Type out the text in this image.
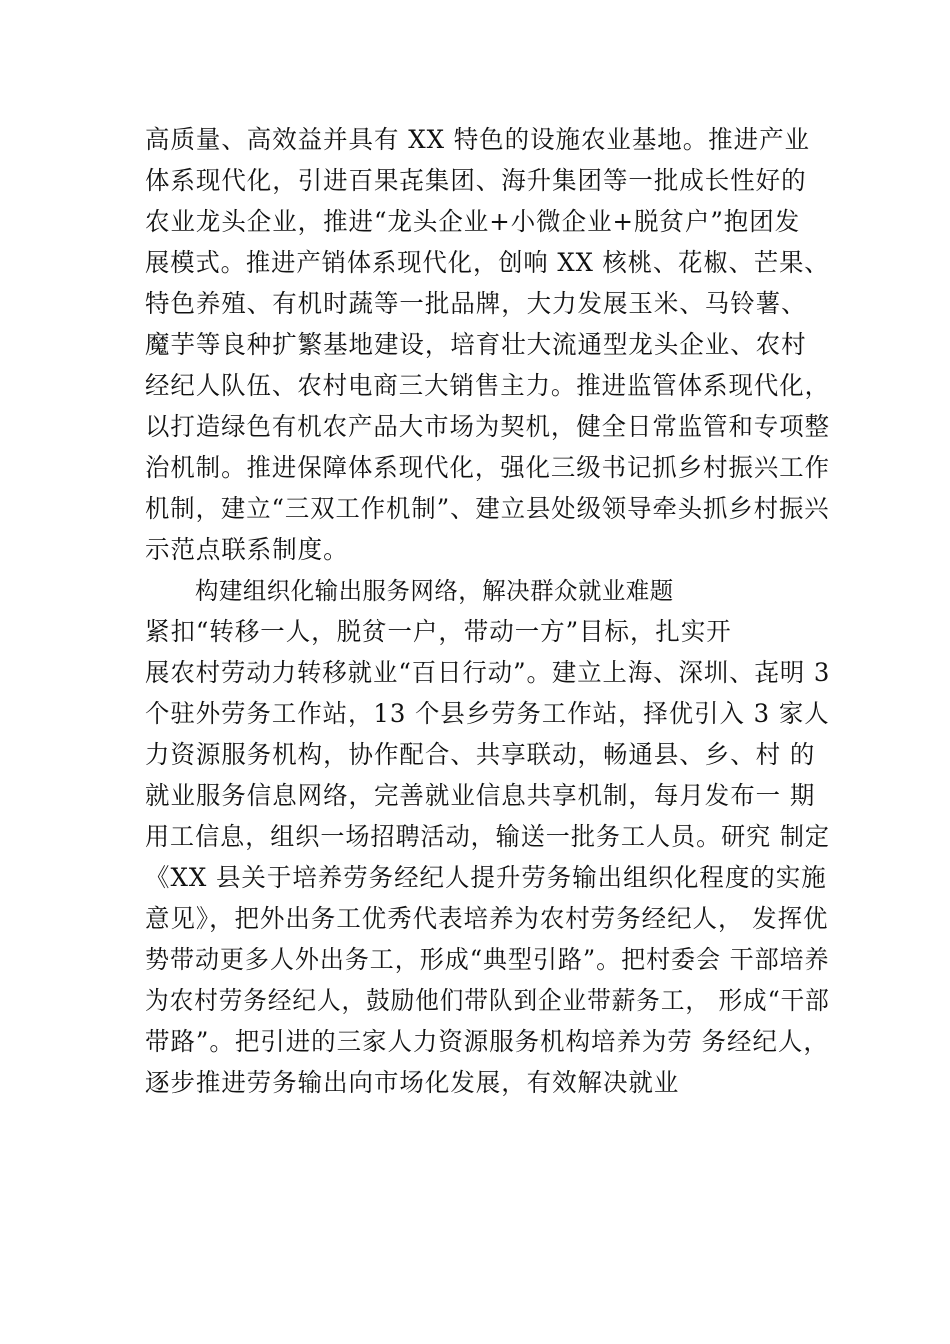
高质量、高效益并具有 XX 特色的设施农业基地。推进产业
体系现代化，引进百果㐂集团、海升集团等一批成长性好的
农业龙头企业，推进“龙头企业+小微企业+脱贫户”抱团发
展模式。推进产销体系现代化，创响 XX 核桃、花椒、芒果、
特色养殖、有机时蔬等一批品牌，大力发展玉米、马铃薯、
魔芋等良种扩繁基地建设，培育壮大流通型龙头企业、农村
经纪人队伍、农村电商三大销售主力。推进监管体系现代化，
以打造绿色有机农产品大市场为契机，健全日常监管和专项整
治机制。推进保障体系现代化，强化三级书记抓乡村振兴工作
机制，建立“三双工作机制”、建立县处级领导牵头抓乡村振兴
示范点联系制度。
构建组织化输出服务网络，解决群众就业难题
紧扣“转移一人，脱贫一户，带动一方”目标，扎实开
展农村劳动力转移就业“百日行动”。建立上海、深圳、㐂明 3
个驻外劳务工作站，13 个县乡劳务工作站，择优引入 3 家人
力资源服务机构，协作配合、共享联动，畅通县、乡、村 的
就业服务信息网络，完善就业信息共享机制，每月发布一 期
用工信息，组织一场招聘活动，输送一批务工人员。研究 制定
《XX 县关于培养劳务经纪人提升劳务输出组织化程度的实施
意见》，把外出务工优秀代表培养为农村劳务经纪人， 发挥优
势带动更多人外出务工，形成“典型引路”。把村委会 干部培养
为农村劳务经纪人，鼓励他们带队到企业带薪务工， 形成“干部
带路”。把引进的三家人力资源服务机构培养为劳 务经纪人，
逐步推进劳务输出向市场化发展，有效解决就业
